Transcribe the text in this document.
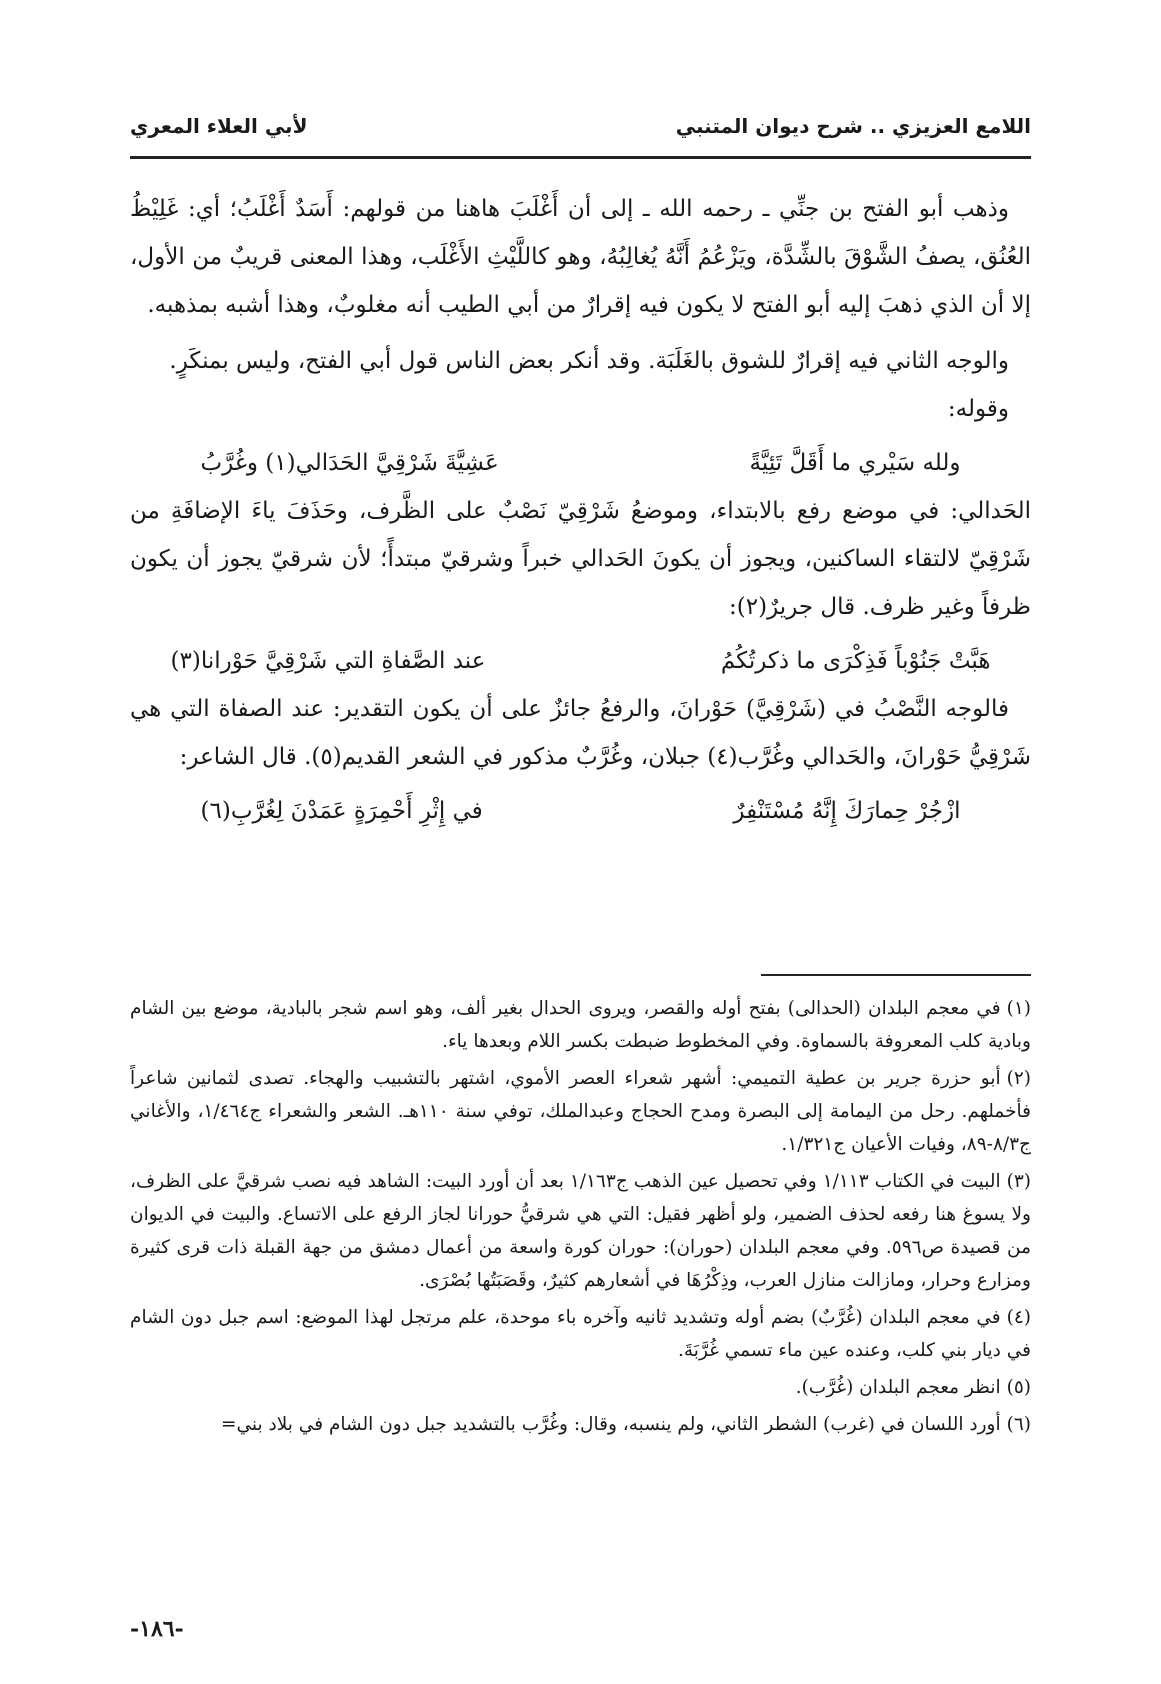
اللامع العزيزي .. شرح ديوان المتنبي
لأبي العلاء المعري

وذهب أبو الفتح بن جنِّي ـ رحمه الله ـ إلى أن أَغْلَبَ هاهنا من قولهم: أَسَدٌ أَغْلَبُ؛ أي: غَلِيْظُ العُنُق، يصفُ الشَّوْقَ بالشِّدَّة، ويَزْعُمُ أَنَّهُ يُغالِبُهُ، وهو كاللَّيْثِ الأَغْلَب، وهذا المعنى قريبٌ من الأول، إلا أن الذي ذهبَ إليه أبو الفتح لا يكون فيه إقرارٌ من أبي الطيب أنه مغلوبٌ، وهذا أشبه بمذهبه.

والوجه الثاني فيه إقرارٌ للشوق بالغَلَبَة. وقد أنكر بعض الناس قول أبي الفتح، وليس بمنكَرٍ.

وقوله:

ولله سَيْري ما أَقَلَّ تَئِيَّةً
عَشِيَّةَ شَرْقِيَّ الحَدَالي(١) وغُرَّبُ

الحَدالي: في موضع رفع بالابتداء، وموضعُ شَرْقِيّ نَصْبٌ على الظَّرف، وحَذَفَ ياءَ الإضافَةِ من شَرْقِيّ لالتقاء الساكنين، ويجوز أن يكونَ الحَدالي خبراً وشرقيّ مبتدأً؛ لأن شرقيّ يجوز أن يكون ظرفاً وغير ظرف. قال جريرٌ(٢):

هَبَّتْ جَنُوْباً فَذِكْرَى ما ذكرتُكُمُ
عند الصَّفاةِ التي شَرْقِيَّ حَوْرانا(٣)

فالوجه النَّصْبُ في (شَرْقِيَّ) حَوْرانَ، والرفعُ جائزٌ على أن يكون التقدير: عند الصفاة التي هي شَرْقِيُّ حَوْرانَ، والحَدالي وغُرَّب(٤) جبلان، وغُرَّبٌ مذكور في الشعر القديم(٥). قال الشاعر:

ازْجُرْ حِمارَكَ إِنَّهُ مُسْتَنْفِرٌ
في إِثْرِ أَحْمِرَةٍ عَمَدْنَ لِغُرَّبِ(٦)

(١)في معجم البلدان (الحدالى) بفتح أوله والقصر، ويروى الحدال بغير ألف، وهو اسم شجر بالبادية، موضع بين الشام وبادية كلب المعروفة بالسماوة. وفي المخطوط ضبطت بكسر اللام وبعدها ياء.

(٢)أبو حزرة جرير بن عطية التميمي: أشهر شعراء العصر الأموي، اشتهر بالتشبيب والهجاء. تصدى لثمانين شاعراً فأخملهم. رحل من اليمامة إلى البصرة ومدح الحجاج وعبدالملك، توفي سنة ١١٠هـ. الشعر والشعراء ج١/٤٦٤، والأغاني ج٨/٣-٨٩، وفيات الأعيان ج١/٣٢١.

(٣)البيت في الكتاب ١/١١٣ وفي تحصيل عين الذهب ج١/١٦٣ بعد أن أورد البيت: الشاهد فيه نصب شرقيَّ على الظرف، ولا يسوغ هنا رفعه لحذف الضمير، ولو أظهر فقيل: التي هي شرقيُّ حورانا لجاز الرفع على الاتساع. والبيت في الديوان من قصيدة ص٥٩٦. وفي معجم البلدان (حوران): حوران كورة واسعة من أعمال دمشق من جهة القبلة ذات قرى كثيرة ومزارع وحرار، ومازالت منازل العرب، وذِكْرُهَا في أشعارهم كثيرٌ، وقَصَبَتُها بُصْرَى.

(٤)في معجم البلدان (غُرَّبٌ) بضم أوله وتشديد ثانيه وآخره باء موحدة، علم مرتجل لهذا الموضع: اسم جبل دون الشام في ديار بني كلب، وعنده عين ماء تسمي غُرَّبَةَ.

(٥)انظر معجم البلدان (غُرَّب).

(٦)أورد اللسان في (غرب) الشطر الثاني، ولم ينسبه، وقال: وغُرَّب بالتشديد جبل دون الشام في بلاد بني=

-١٨٦-
